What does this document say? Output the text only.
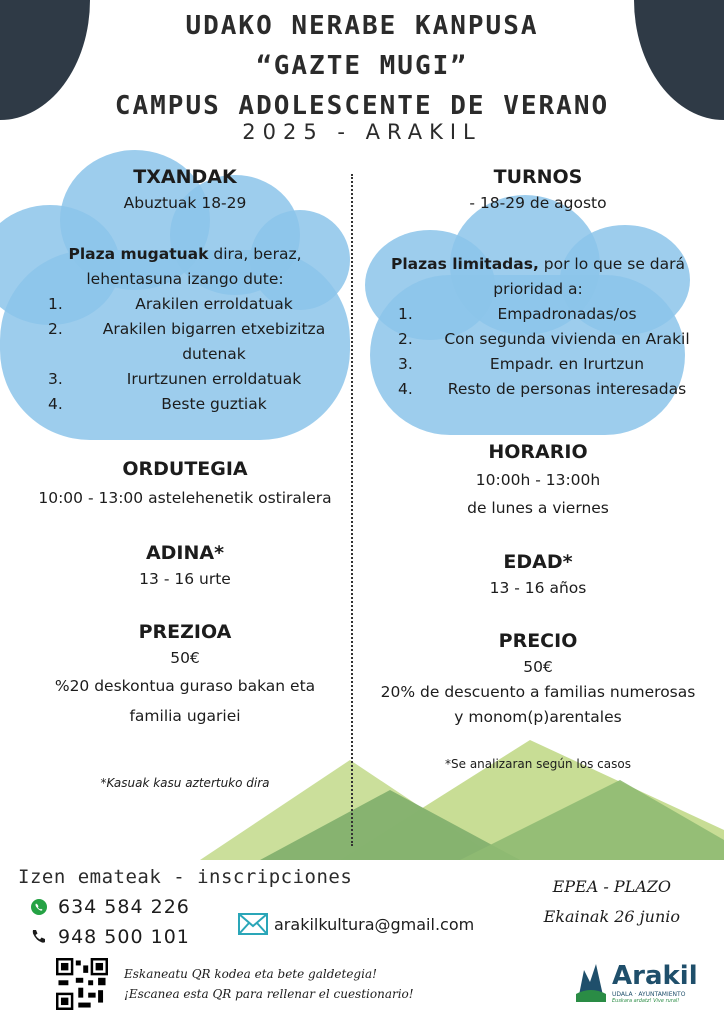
UDAKO NERABE KANPUSA
“GAZTE MUGI”
CAMPUS ADOLESCENTE DE VERANO
2025 - ARAKIL

TXANDAK

Abuztuak 18-29

Plaza mugatuak dira, beraz, lehentasuna izango dute:

1.	Arakilen erroldatuak
2.	Arakilen bigarren etxebizitza dutenak
3.	Irurtzunen erroldatuak
4.	Beste guztiak

ORDUTEGIA

10:00 - 13:00 astelehenetik ostiralera

ADINA*

13 - 16 urte

PREZIOA

50€

%20 deskontua guraso bakan eta familia ugariei

*Kasuak kasu aztertuko dira

TURNOS

- 18-29 de agosto

Plazas limitadas, por lo que se dará prioridad a:

1.	Empadronadas/os
2.	Con segunda vivienda en Arakil
3.	Empadr. en Irurtzun
4.	Resto de personas interesadas

HORARIO

10:00h - 13:00h

de lunes a viernes

EDAD*

13 - 16 años

PRECIO

50€

20% de descuento a familias numerosas y monom(p)arentales

*Se analizaran según los casos

Izen emateak - inscripciones
634 584 226
948 500 101
arakilkultura@gmail.com
EPEA - PLAZO
Ekainak 26 junio
Eskaneatu QR kodea eta bete galdetegia!
¡Escanea esta QR para rellenar el cuestionario!
Arakil
UDALA · AYUNTAMIENTO
Euskara ardatz! Vive rural!
